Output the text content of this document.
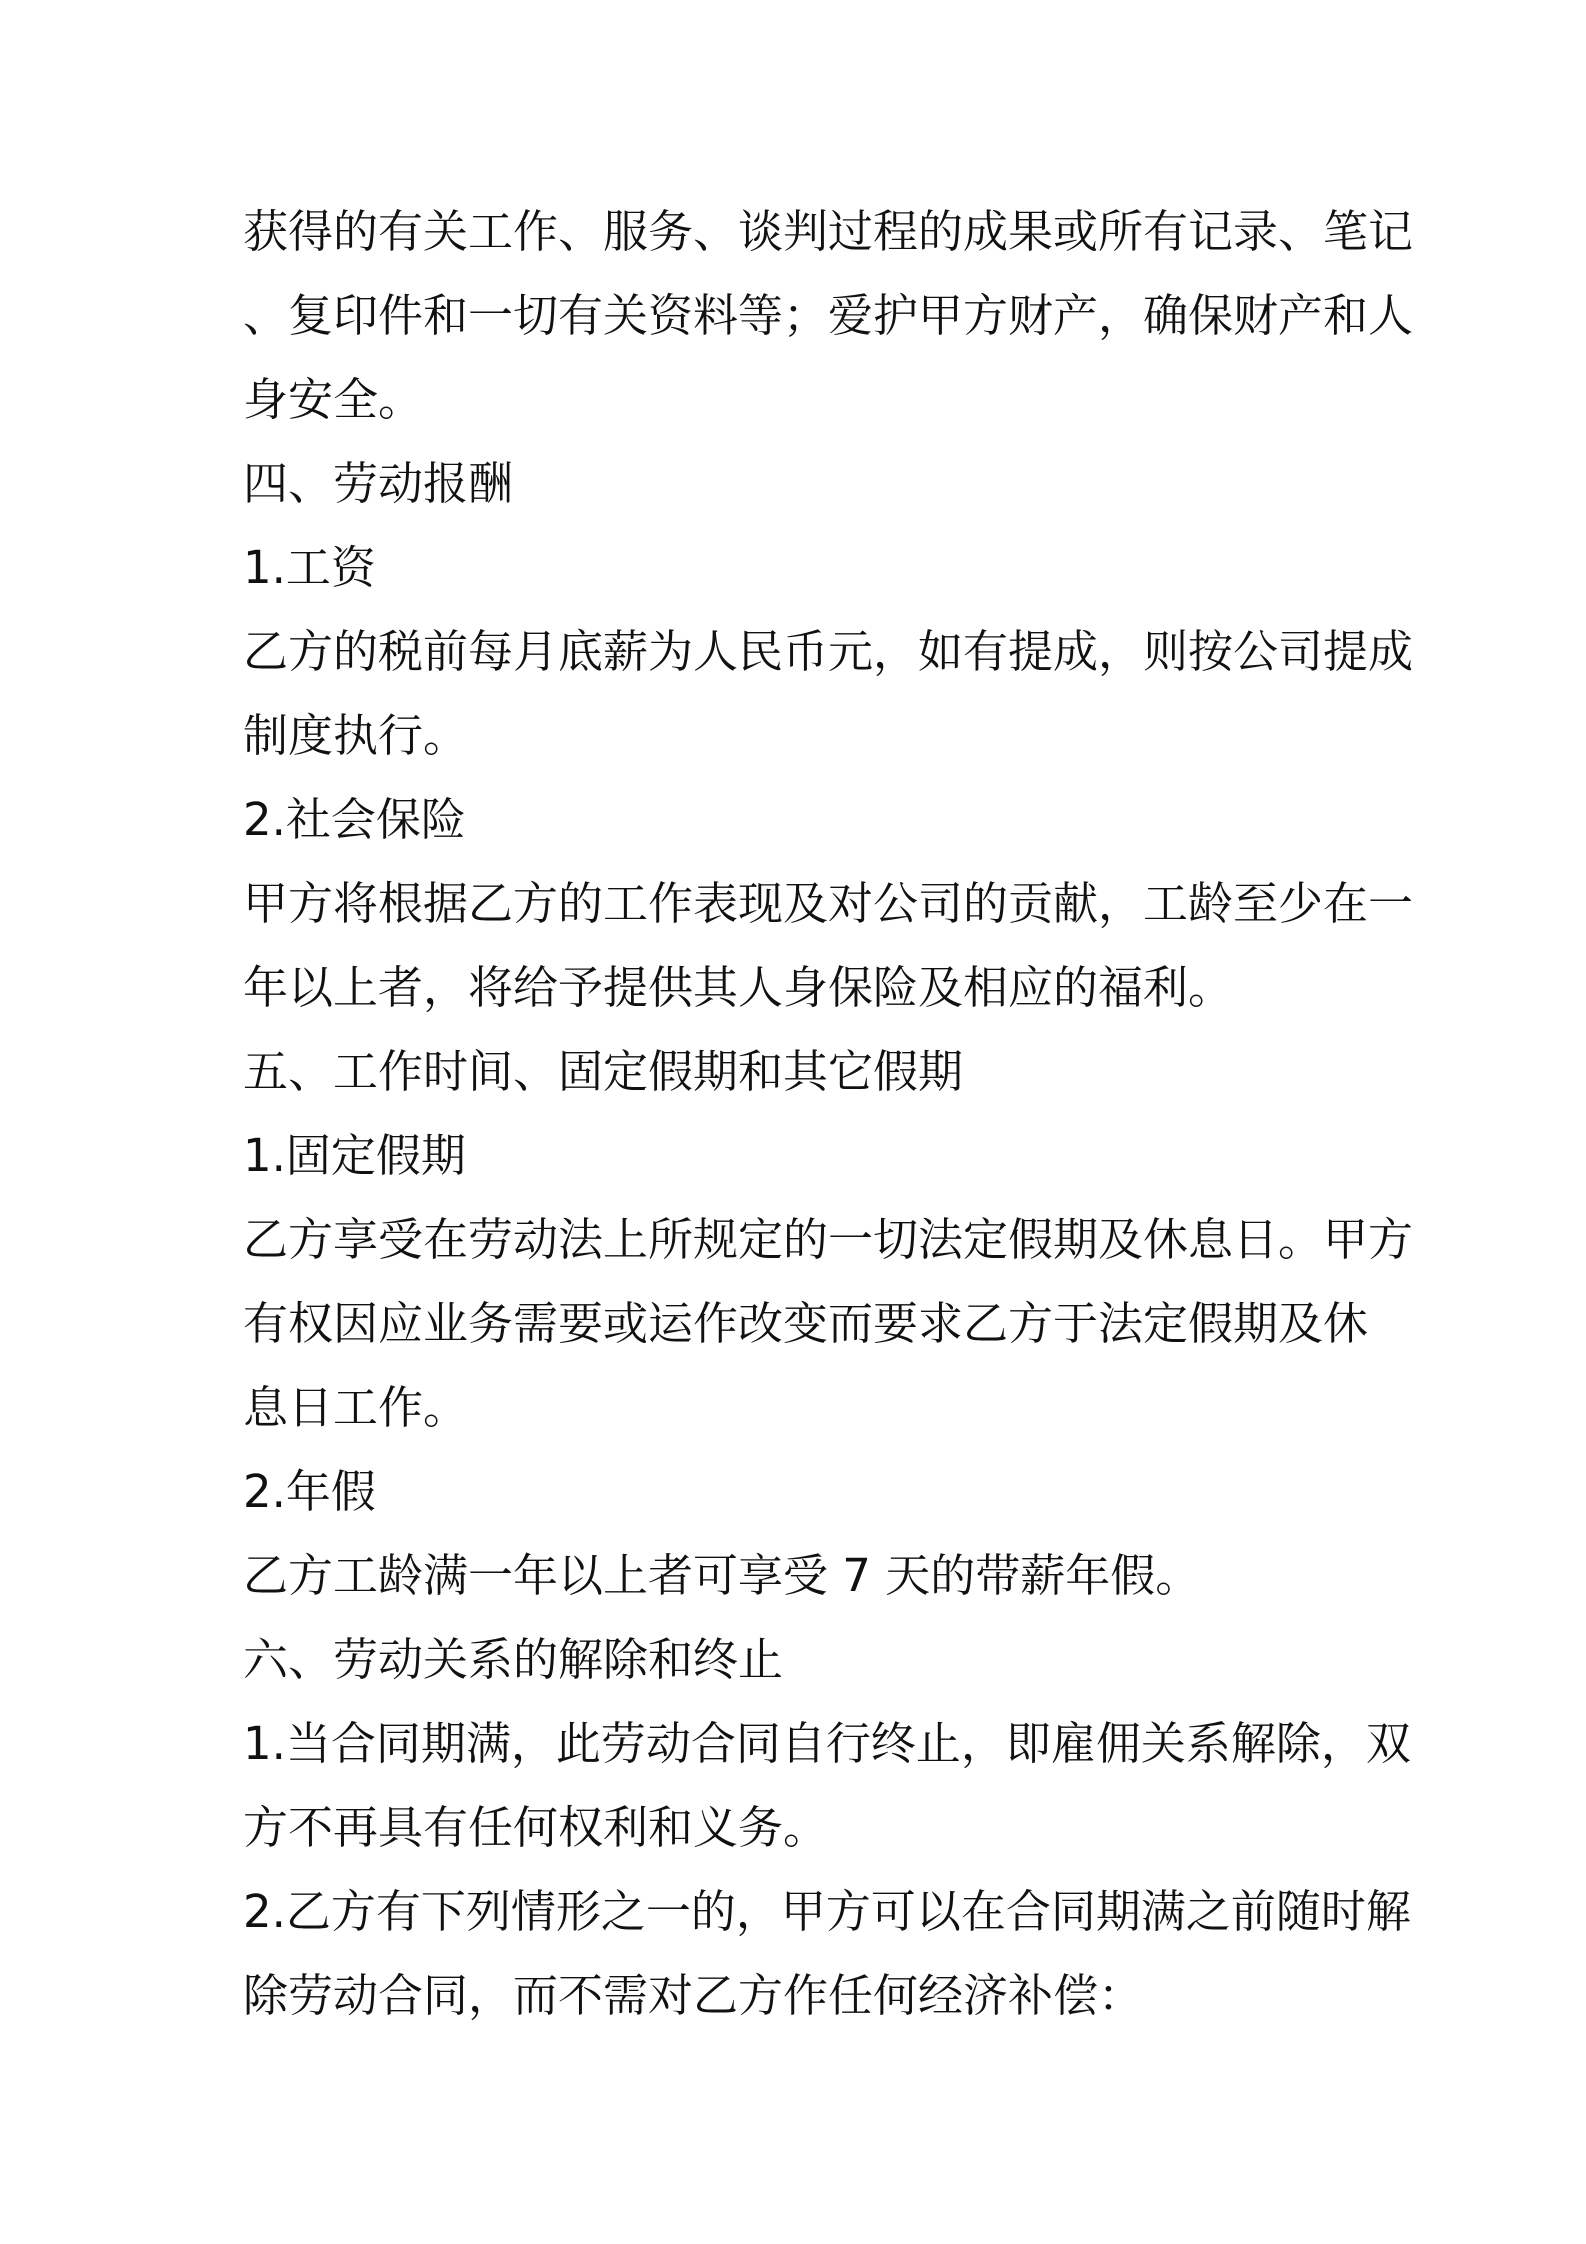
获得的有关工作、服务、谈判过程的成果或所有记录、笔记
、复印件和一切有关资料等；爱护甲方财产，确保财产和人
身安全。
四、劳动报酬
1.工资
乙方的税前每月底薪为人民币元，如有提成，则按公司提成
制度执行。
2.社会保险
甲方将根据乙方的工作表现及对公司的贡献，工龄至少在一
年以上者，将给予提供其人身保险及相应的福利。
五、工作时间、固定假期和其它假期
1.固定假期
乙方享受在劳动法上所规定的一切法定假期及休息日。甲方
有权因应业务需要或运作改变而要求乙方于法定假期及休
息日工作。
2.年假
乙方工龄满一年以上者可享受 7 天的带薪年假。
六、劳动关系的解除和终止
1.当合同期满，此劳动合同自行终止，即雇佣关系解除，双
方不再具有任何权利和义务。
2.乙方有下列情形之一的，甲方可以在合同期满之前随时解
除劳动合同，而不需对乙方作任何经济补偿：
